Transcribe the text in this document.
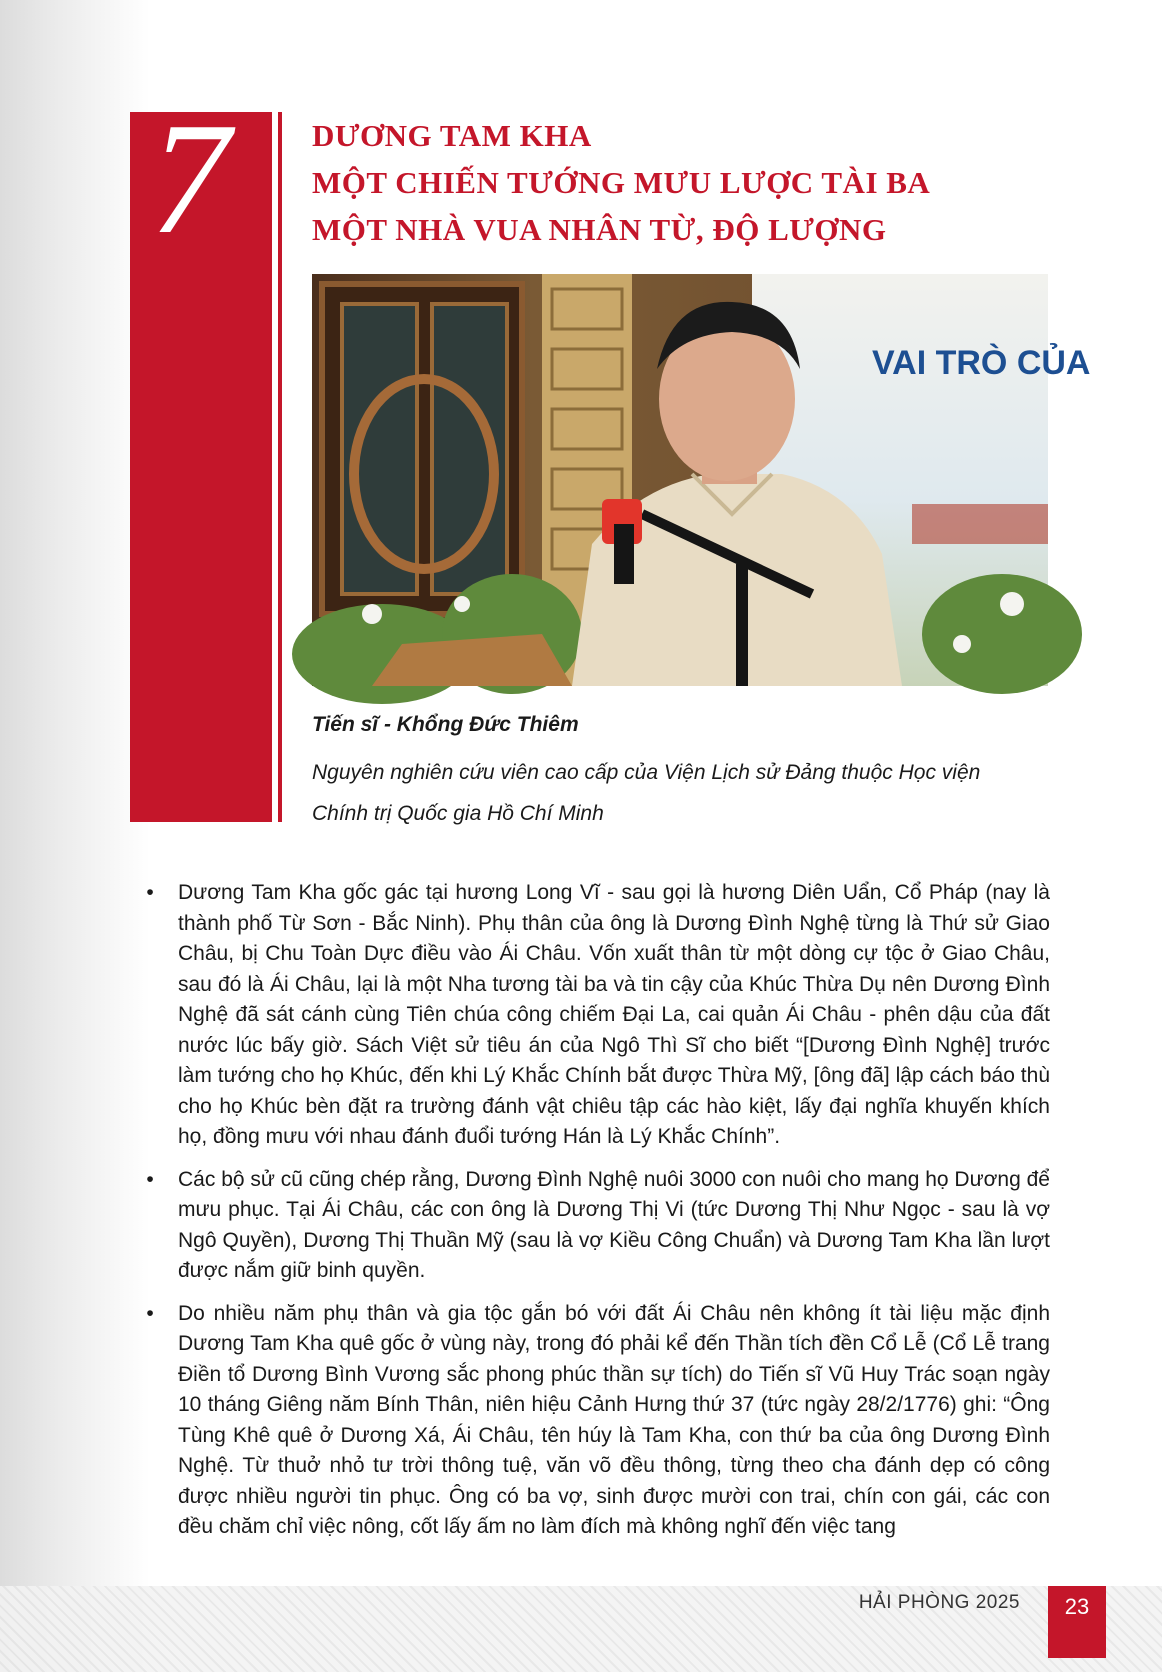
7	DƯƠNG TAM KHA
MỘT CHIẾN TƯỚNG MƯU LƯỢC TÀI BA
MỘT NHÀ VUA NHÂN TỪ, ĐỘ LƯỢNG
VAI TRÒ CỦA
Tiến sĩ - Khổng Đức Thiêm
Nguyên nghiên cứu viên cao cấp của Viện Lịch sử Đảng thuộc Học viện
Chính trị Quốc gia Hồ Chí Minh
•	Dương Tam Kha gốc gác tại hương Long Vĩ - sau gọi là hương Diên Uẩn, Cổ Pháp (nay là thành phố Từ Sơn - Bắc Ninh). Phụ thân của ông là Dương Đình Nghệ từng là Thứ sử Giao Châu, bị Chu Toàn Dực điều vào Ái Châu. Vốn xuất thân từ một dòng cự tộc ở Giao Châu, sau đó là Ái Châu, lại là một Nha tương tài ba và tin cậy của Khúc Thừa Dụ nên Dương Đình Nghệ đã sát cánh cùng Tiên chúa công chiếm Đại La, cai quản Ái Châu - phên dậu của đất nước lúc bấy giờ. Sách Việt sử tiêu án của Ngô Thì Sĩ cho biết “[Dương Đình Nghệ] trước làm tướng cho họ Khúc, đến khi Lý Khắc Chính bắt được Thừa Mỹ, [ông đã] lập cách báo thù cho họ Khúc bèn đặt ra trường đánh vật chiêu tập các hào kiệt, lấy đại nghĩa khuyến khích họ, đồng mưu với nhau đánh đuổi tướng Hán là Lý Khắc Chính”.
•	Các bộ sử cũ cũng chép rằng, Dương Đình Nghệ nuôi 3000 con nuôi cho mang họ Dương để mưu phục. Tại Ái Châu, các con ông là Dương Thị Vi (tức Dương Thị Như Ngọc - sau là vợ Ngô Quyền), Dương Thị Thuần Mỹ (sau là vợ Kiều Công Chuẩn) và Dương Tam Kha lần lượt được nắm giữ binh quyền.
•	Do nhiều năm phụ thân và gia tộc gắn bó với đất Ái Châu nên không ít tài liệu mặc định Dương Tam Kha quê gốc ở vùng này, trong đó phải kể đến Thần tích đền Cổ Lễ (Cổ Lễ trang Điền tổ Dương Bình Vương sắc phong phúc thần sự tích) do Tiến sĩ Vũ Huy Trác soạn ngày 10 tháng Giêng năm Bính Thân, niên hiệu Cảnh Hưng thứ 37 (tức ngày 28/2/1776) ghi: “Ông Tùng Khê quê ở Dương Xá, Ái Châu, tên húy là Tam Kha, con thứ ba của ông Dương Đình Nghệ. Từ thuở nhỏ tư trời thông tuệ, văn võ đều thông, từng theo cha đánh dẹp có công được nhiều người tin phục. Ông có ba vợ, sinh được mười con trai, chín con gái, các con đều chăm chỉ việc nông, cốt lấy ấm no làm đích mà không nghĩ đến việc tang
HẢI PHÒNG 2025	23
